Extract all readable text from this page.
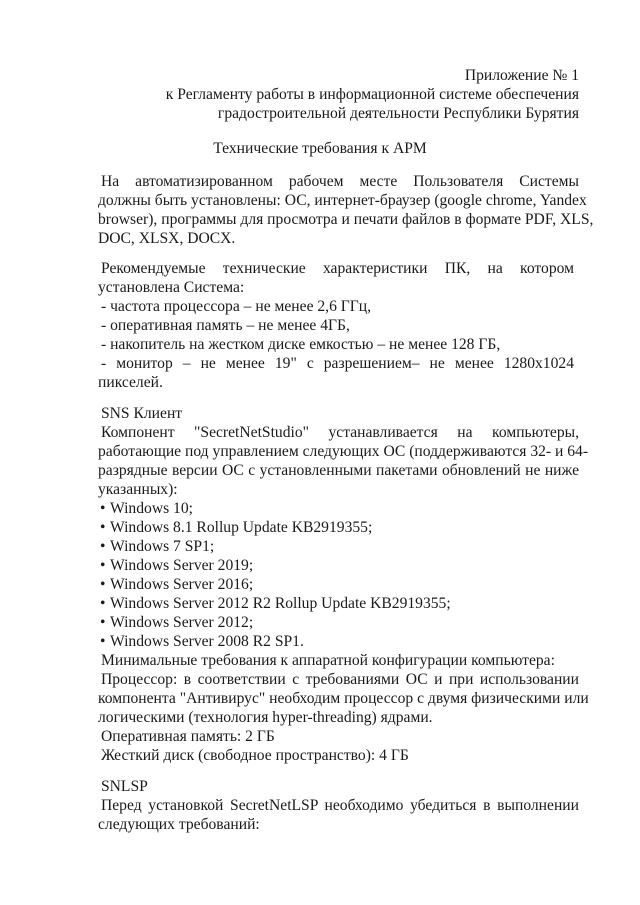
Приложение № 1
к Регламенту работы в информационной системе обеспечения
градостроительной деятельности Республики Бурятия
Технические требования к АРМ
На автоматизированном рабочем месте Пользователя Системы
должны быть установлены: ОС, интернет-браузер (google chrome, Yandex
browser), программы для просмотра и печати файлов в формате PDF, XLS,
DOC, XLSX, DOCX.
Рекомендуемые технические характеристики ПК, на котором
установлена Система:
- частота процессора – не менее 2,6 ГГц,
- оперативная память – не менее 4ГБ,
- накопитель на жестком диске емкостью – не менее 128 ГБ,
- монитор – не менее 19" с разрешением– не менее 1280х1024
пикселей.
SNS Клиент
Компонент "SecretNetStudio" устанавливается на компьютеры,
работающие под управлением следующих ОС (поддерживаются 32- и 64-
разрядные версии ОС с установленными пакетами обновлений не ниже
указанных):
• Windows 10;
• Windows 8.1 Rollup Update KB2919355;
• Windows 7 SP1;
• Windows Server 2019;
• Windows Server 2016;
• Windows Server 2012 R2 Rollup Update KB2919355;
• Windows Server 2012;
• Windows Server 2008 R2 SP1.
Минимальные требования к аппаратной конфигурации компьютера:
Процессор: в соответствии с требованиями ОС и при использовании
компонента "Антивирус" необходим процессор с двумя физическими или
логическими (технология hyper-threading) ядрами.
Оперативная память: 2 ГБ
Жесткий диск (свободное пространство): 4 ГБ
SNLSP
Перед установкой SecretNetLSP необходимо убедиться в выполнении
следующих требований:
